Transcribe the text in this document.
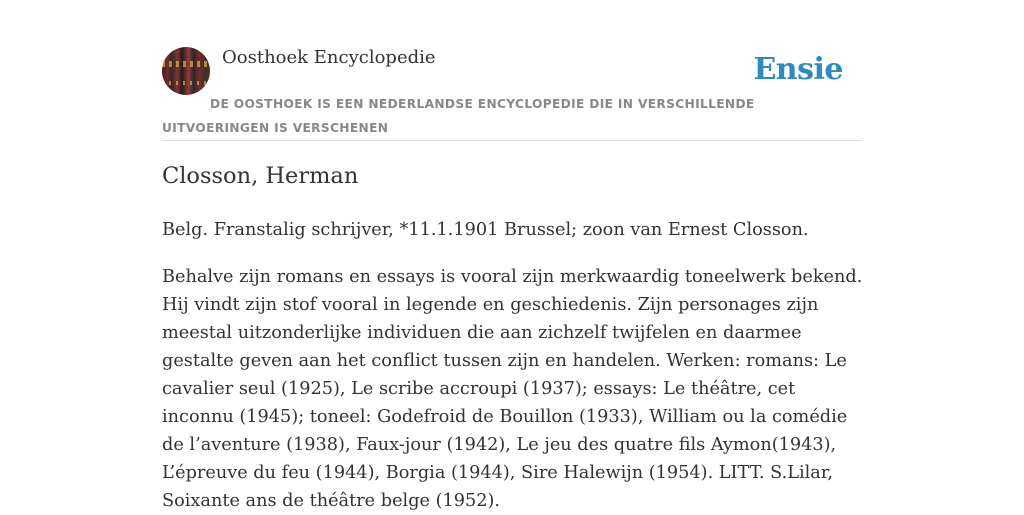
Oosthoek Encyclopedie	Ensie
DE OOSTHOEK IS EEN NEDERLANDSE ENCYCLOPEDIE DIE IN VERSCHILLENDE UITVOERINGEN IS VERSCHENEN
Closson, Herman

Belg. Franstalig schrijver, *11.1.1901 Brussel; zoon van Ernest Closson.

Behalve zijn romans en essays is vooral zijn merkwaardig toneelwerk bekend. Hij vindt zijn stof vooral in legende en geschiedenis. Zijn personages zijn meestal uitzonderlijke individuen die aan zichzelf twijfelen en daarmee gestalte geven aan het conflict tussen zijn en handelen. Werken: romans: Le cavalier seul (1925), Le scribe accroupi (1937); essays: Le théâtre, cet inconnu (1945); toneel: Godefroid de Bouillon (1933), William ou la comédie de l’aventure (1938), Faux-jour (1942), Le jeu des quatre fils Aymon(1943), L’épreuve du feu (1944), Borgia (1944), Sire Halewijn (1954). LITT. S.Lilar, Soixante ans de théâtre belge (1952).
